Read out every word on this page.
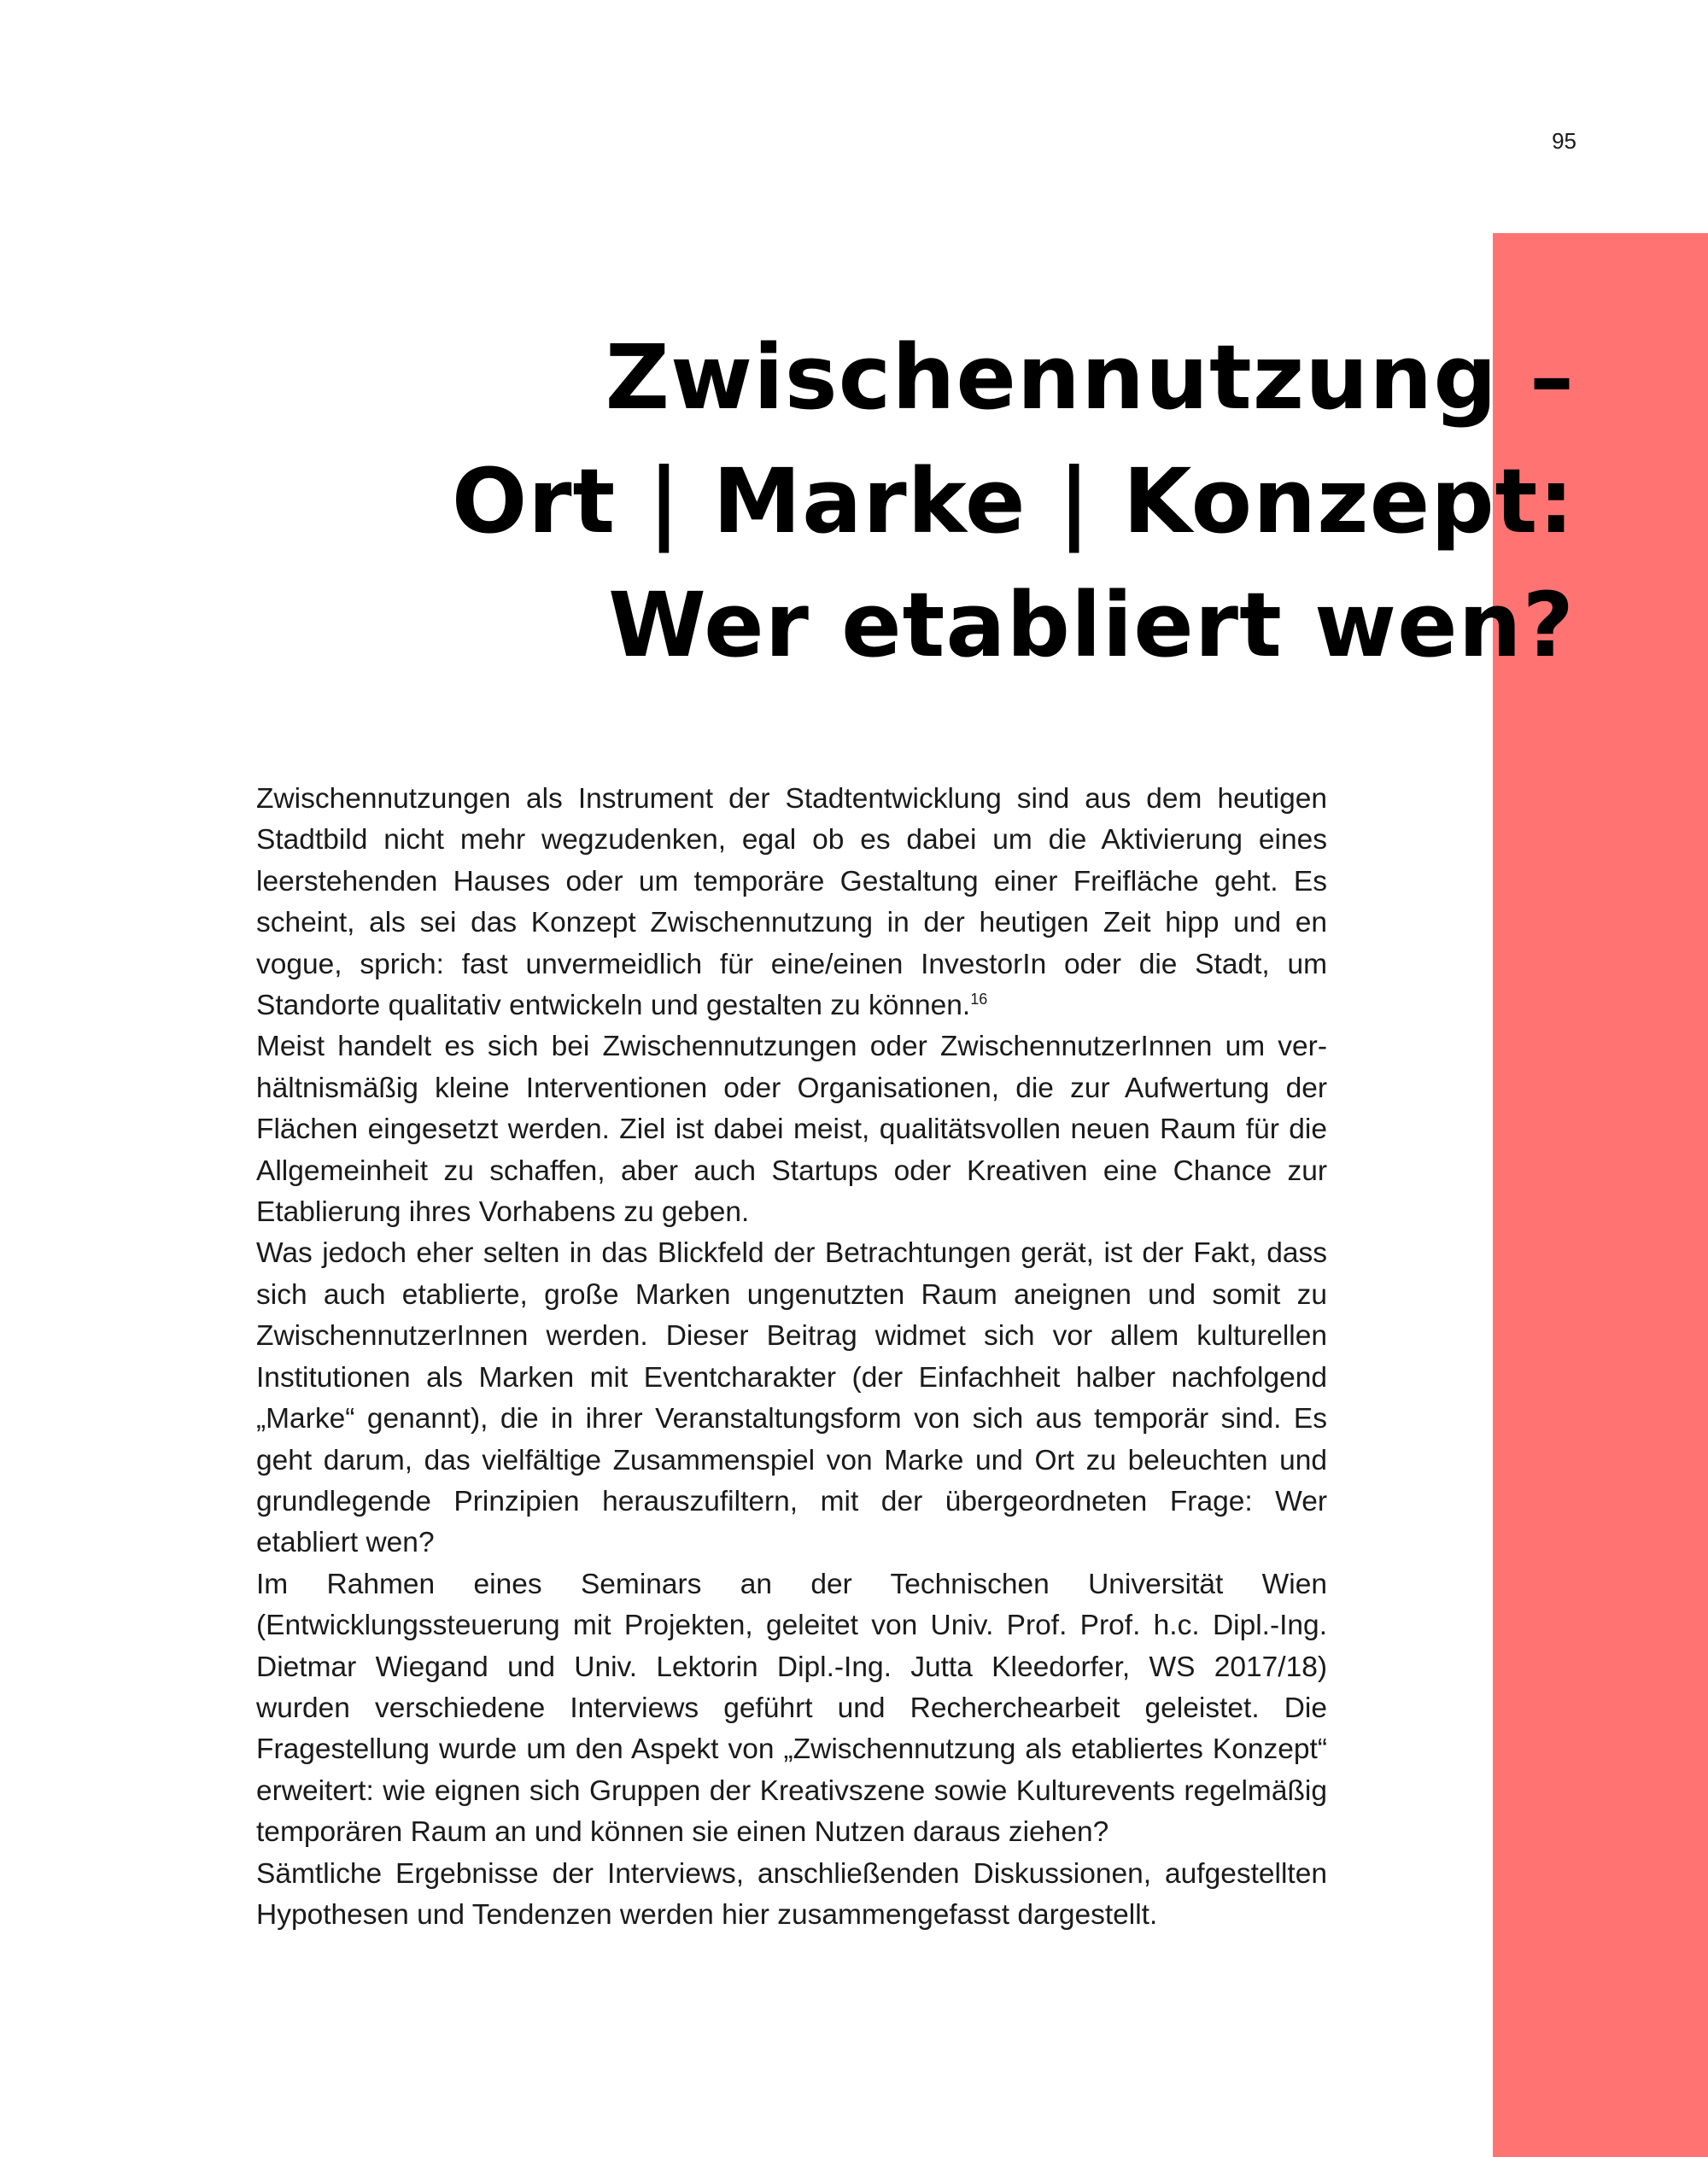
95
Zwischennutzung –
Ort | Marke | Konzept:
Wer etabliert wen?

Zwischennutzungen als Instrument der Stadtentwicklung sind aus dem heutigen Stadtbild nicht mehr wegzudenken, egal ob es dabei um die Aktivierung eines leerstehenden Hauses oder um temporäre Gestaltung einer Freifläche geht. Es scheint, als sei das Konzept Zwischennutzung in der heutigen Zeit hipp und en vogue, sprich: fast unvermeidlich für eine/einen InvestorIn oder die Stadt, um Standorte qualitativ entwickeln und gestalten zu können.$^{16}$

Meist handelt es sich bei Zwischennutzungen oder ZwischennutzerInnen um verhältnismäßig kleine Interventionen oder Organisationen, die zur Aufwertung der Flächen eingesetzt werden. Ziel ist dabei meist, qualitätsvollen neuen Raum für die Allgemeinheit zu schaffen, aber auch Startups oder Kreativen eine Chance zur Etablierung ihres Vorhabens zu geben.

Was jedoch eher selten in das Blickfeld der Betrachtungen gerät, ist der Fakt, dass sich auch etablierte, große Marken ungenutzten Raum aneignen und somit zu ZwischennutzerInnen werden. Dieser Beitrag widmet sich vor allem kulturellen Institutionen als Marken mit Eventcharakter (der Einfachheit halber nachfolgend „Marke“ genannt), die in ihrer Veranstaltungsform von sich aus temporär sind. Es geht darum, das vielfältige Zusammenspiel von Marke und Ort zu beleuchten und grundlegende Prinzipien herauszufiltern, mit der übergeordneten Frage: Wer etabliert wen?

Im Rahmen eines Seminars an der Technischen Universität Wien (Entwicklungssteuerung mit Projekten, geleitet von Univ. Prof. Prof. h.c. Dipl.-Ing. Dietmar Wiegand und Univ. Lektorin Dipl.-Ing. Jutta Kleedorfer, WS 2017/18) wurden verschiedene Interviews geführt und Recherchearbeit geleistet. Die Fragestellung wurde um den Aspekt von „Zwischennutzung als etabliertes Konzept“ erweitert: wie eignen sich Gruppen der Kreativszene sowie Kulturevents regelmäßig temporären Raum an und können sie einen Nutzen daraus ziehen?

Sämtliche Ergebnisse der Interviews, anschließenden Diskussionen, aufgestellten Hypothesen und Tendenzen werden hier zusammengefasst dargestellt.
